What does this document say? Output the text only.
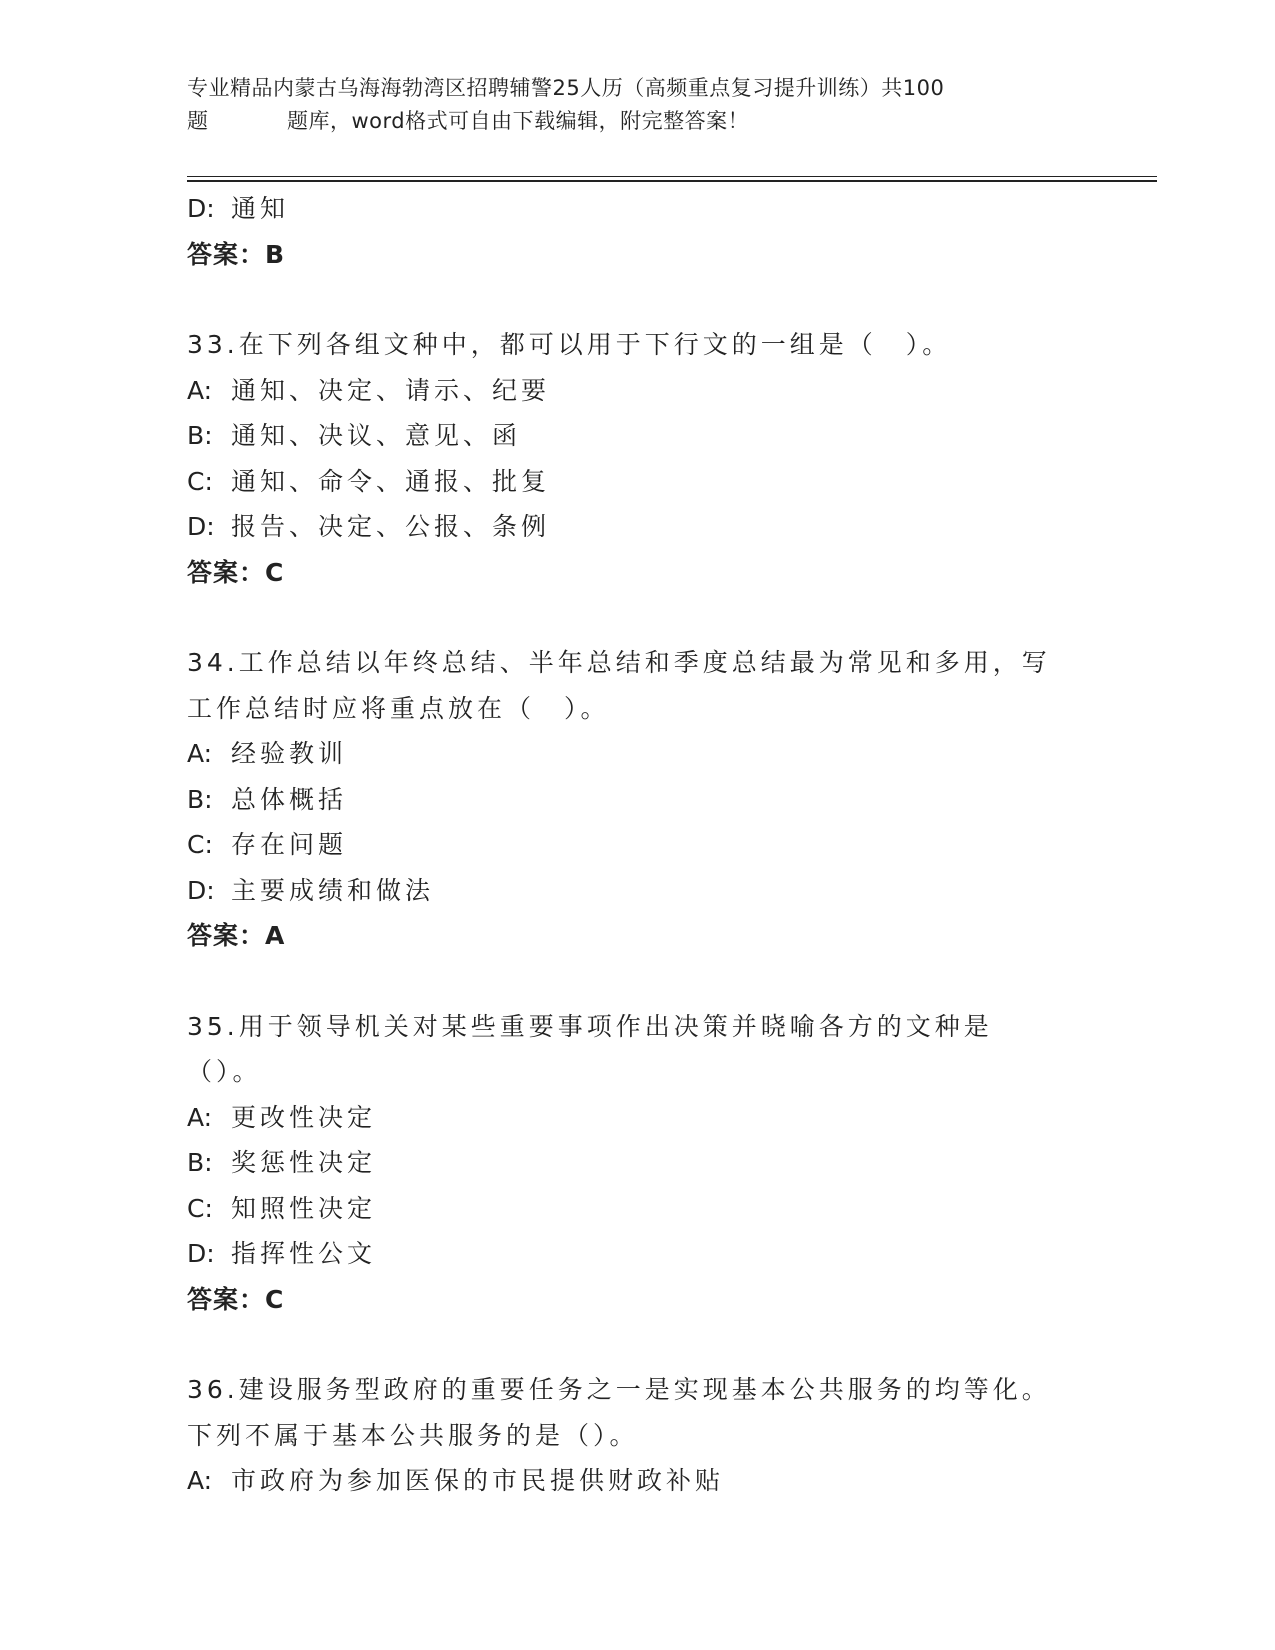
专业精品内蒙古乌海海勃湾区招聘辅警25人历（高频重点复习提升训练）共100
题	题库，word格式可自由下载编辑，附完整答案！
D: 通知
答案：B
33.在下列各组文种中，都可以用于下行文的一组是（　）。
A: 通知、决定、请示、纪要
B: 通知、决议、意见、函
C: 通知、命令、通报、批复
D: 报告、决定、公报、条例
答案：C
34.工作总结以年终总结、半年总结和季度总结最为常见和多用，写工作总结时应将重点放在（　）。
A: 经验教训
B: 总体概括
C: 存在问题
D: 主要成绩和做法
答案：A
35.用于领导机关对某些重要事项作出决策并晓喻各方的文种是（）。
A: 更改性决定
B: 奖惩性决定
C: 知照性决定
D: 指挥性公文
答案：C
36.建设服务型政府的重要任务之一是实现基本公共服务的均等化。下列不属于基本公共服务的是（）。
A: 市政府为参加医保的市民提供财政补贴
